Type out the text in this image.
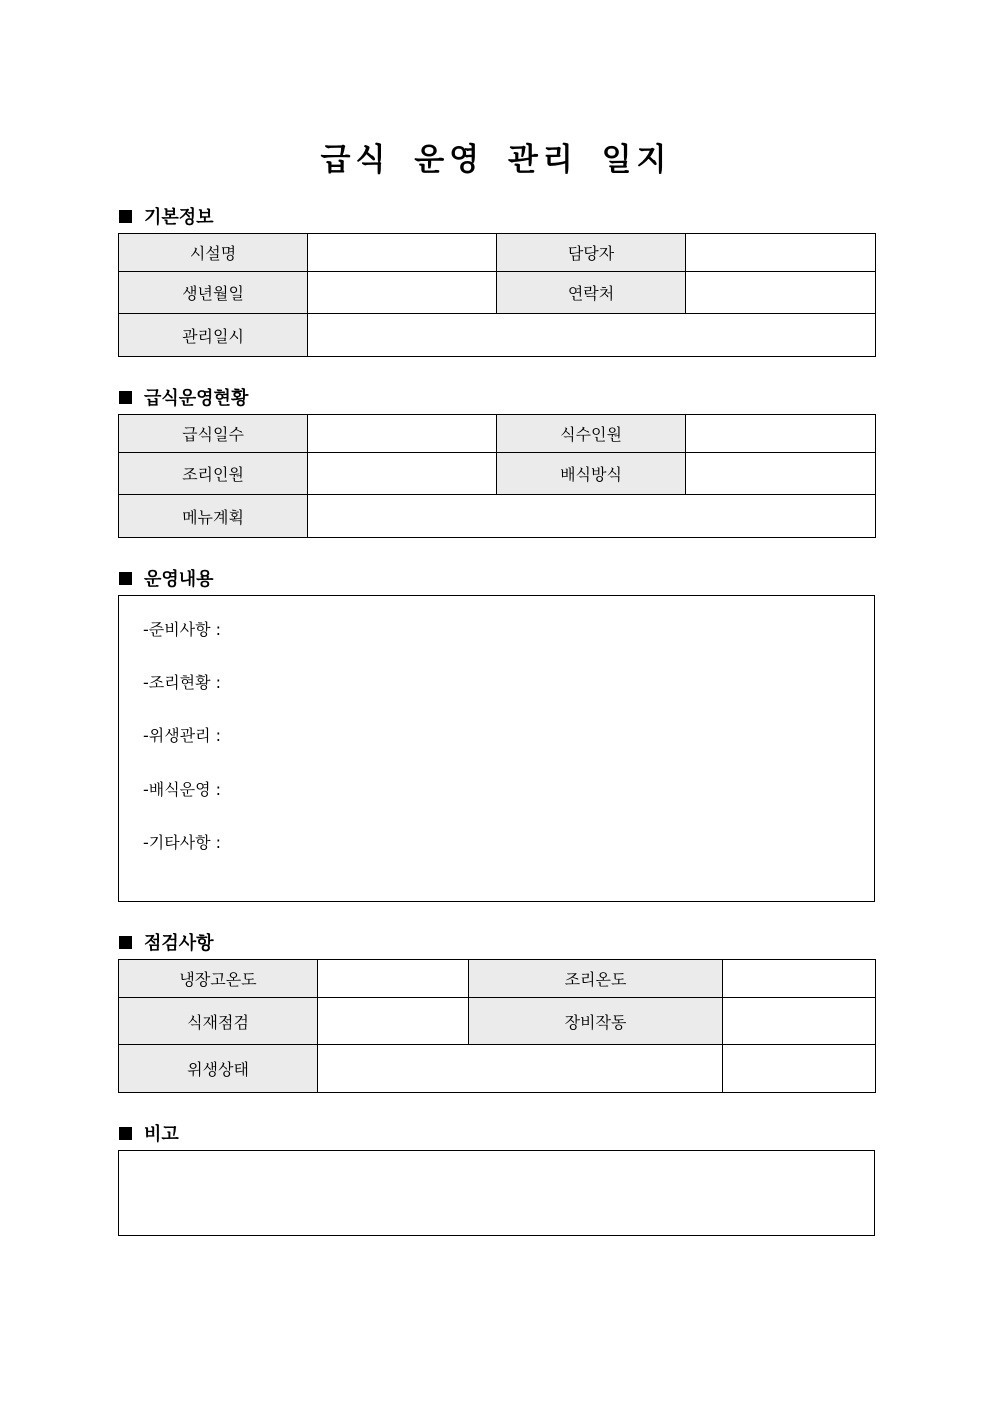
급식 운영 관리 일지
기본정보
시설명		담당자	
생년월일		연락처	
관리일시			
급식운영현황
급식일수		식수인원	
조리인원		배식방식	
메뉴계획			
운영내용
-준비사항 :
-조리현황 :
-위생관리 :
-배식운영 :
-기타사항 :
점검사항
냉장고온도		조리온도	
식재점검		장비작동	
위생상태			
비고
